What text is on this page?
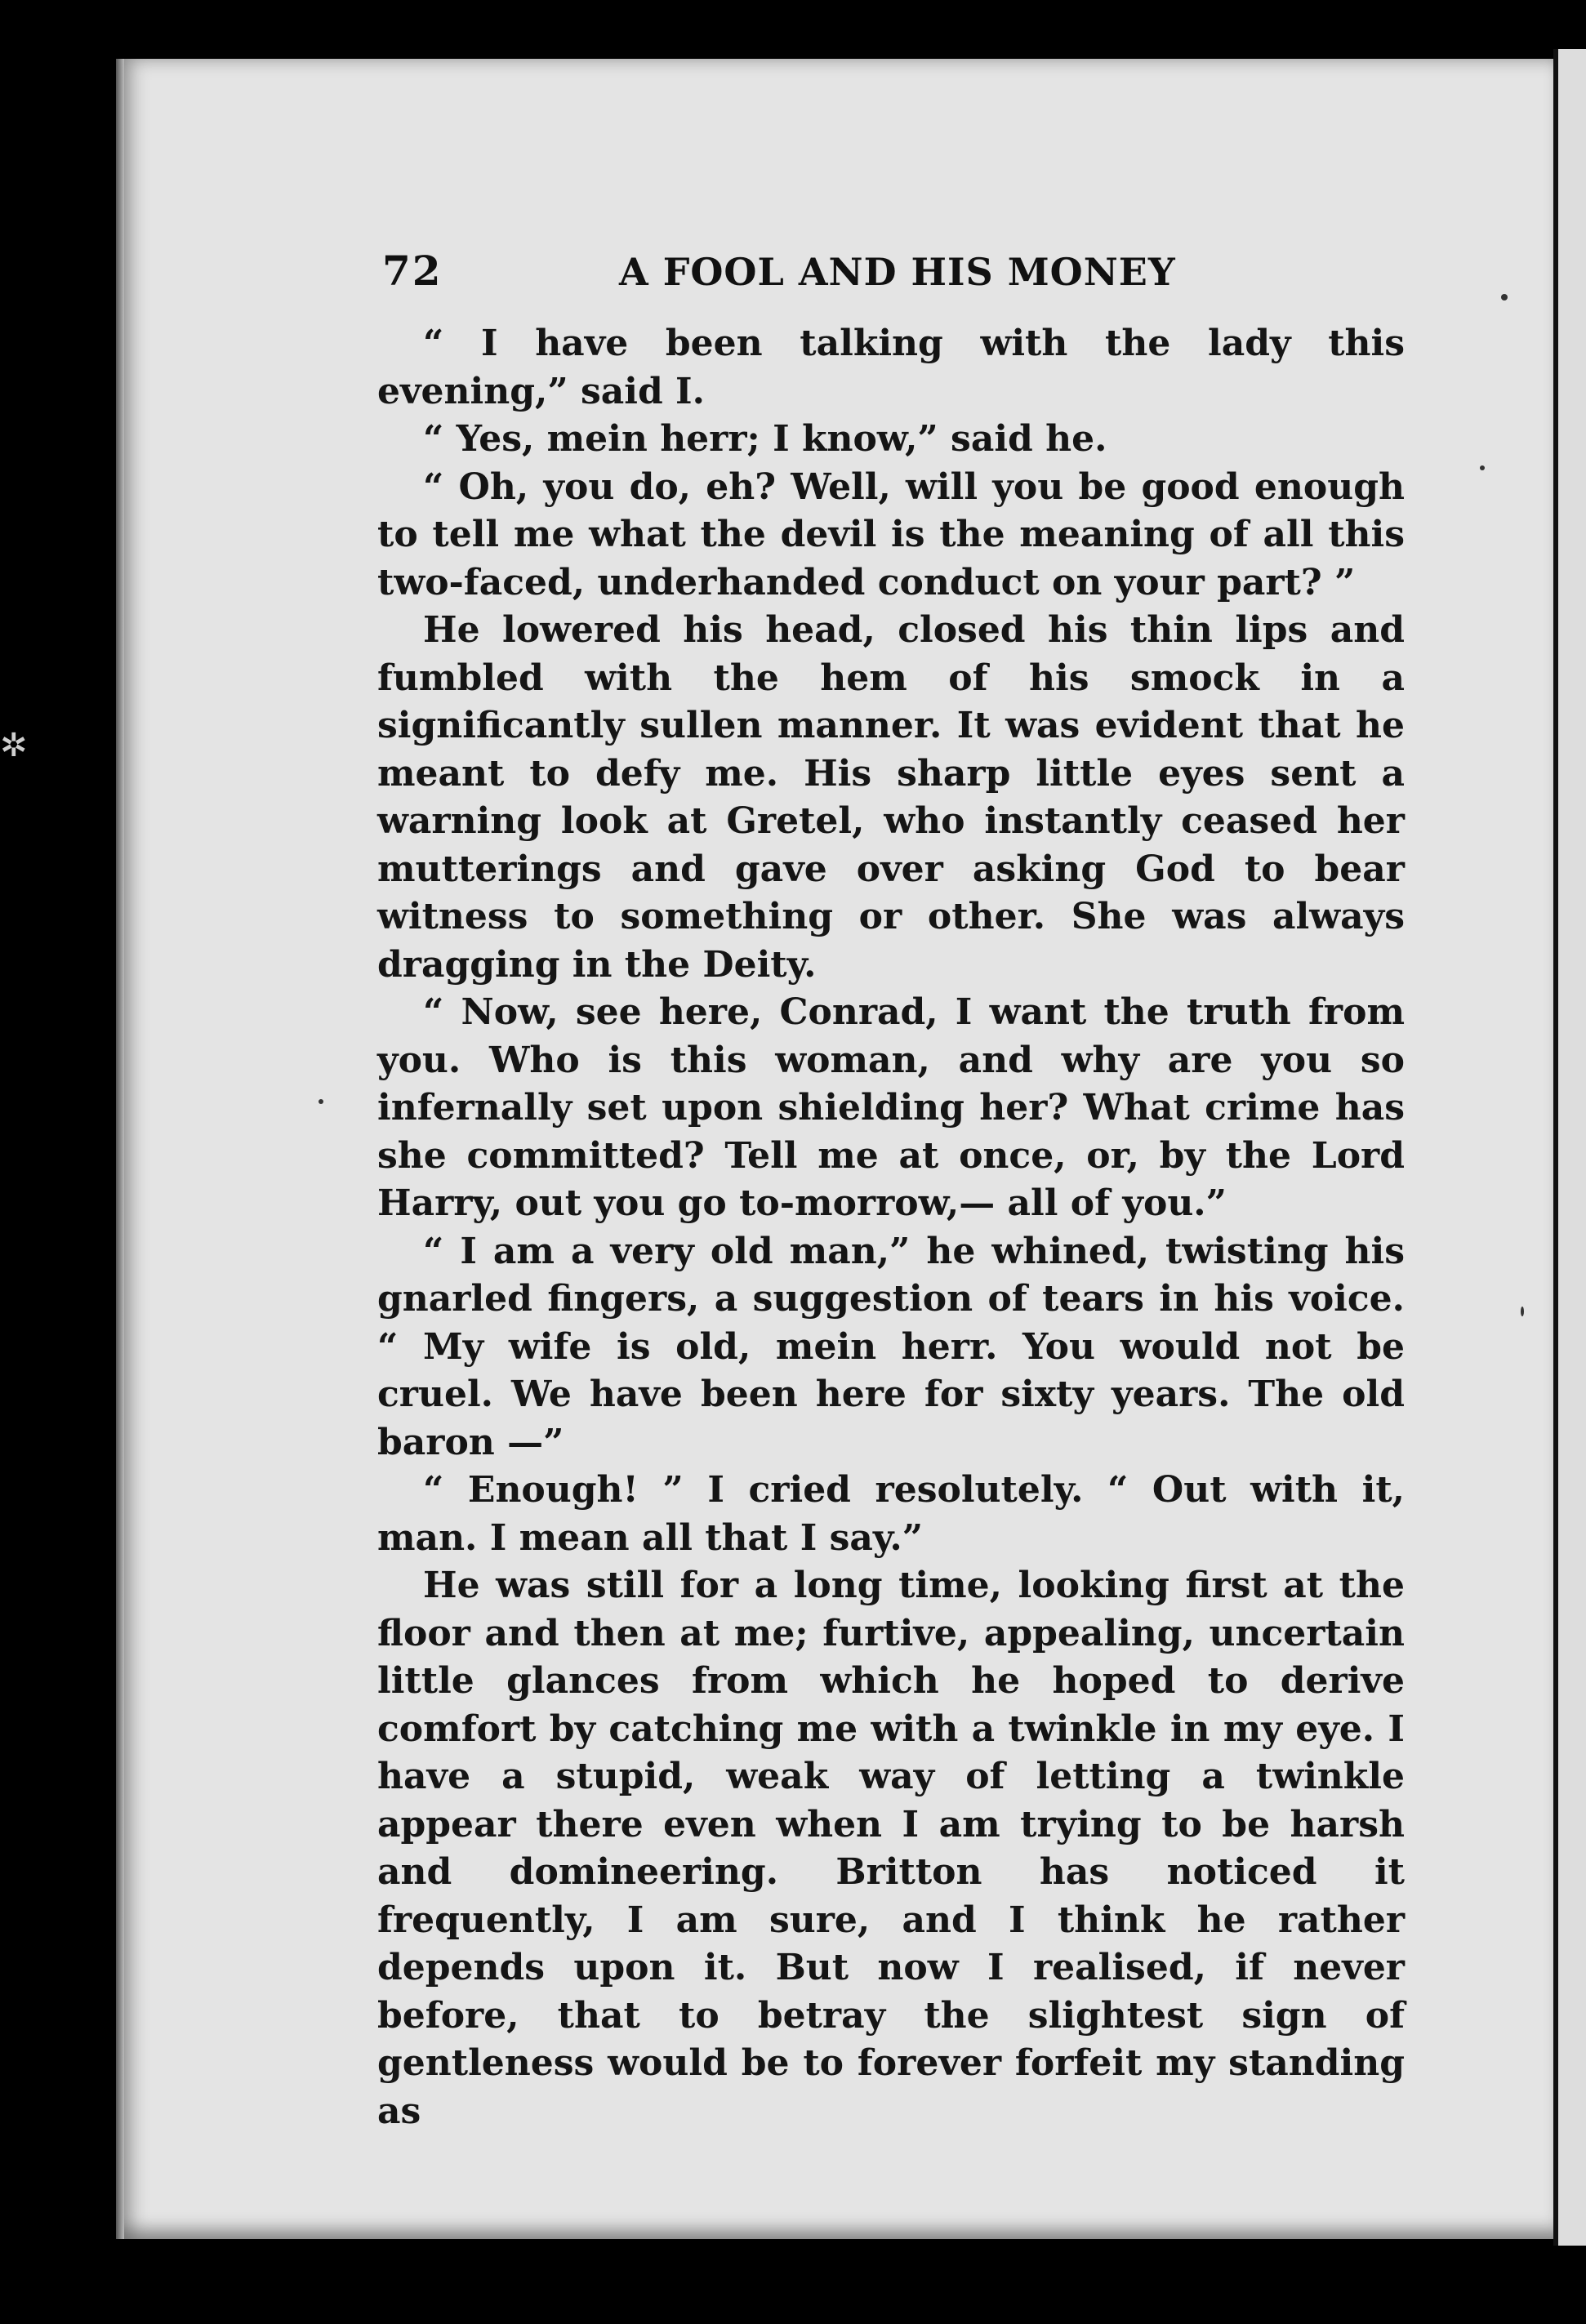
✲
72	A FOOL AND HIS MONEY

“ I have been talking with the lady this evening,” said I.

“ Yes, mein herr; I know,” said he.

“ Oh, you do, eh? Well, will you be good enough to tell me what the devil is the meaning of all this two-faced, underhanded conduct on your part? ”

He lowered his head, closed his thin lips and fumbled with the hem of his smock in a significantly sullen manner. It was evident that he meant to defy me. His sharp little eyes sent a warning look at Gretel, who instantly ceased her mutterings and gave over asking God to bear witness to something or other. She was always dragging in the Deity.

“ Now, see here, Conrad, I want the truth from you. Who is this woman, and why are you so infernally set upon shielding her? What crime has she committed? Tell me at once, or, by the Lord Harry, out you go to-morrow,— all of you.”

“ I am a very old man,” he whined, twisting his gnarled fingers, a suggestion of tears in his voice. “ My wife is old, mein herr. You would not be cruel. We have been here for sixty years. The old baron —”

“ Enough! ” I cried resolutely. “ Out with it, man. I mean all that I say.”

He was still for a long time, looking first at the floor and then at me; furtive, appealing, uncertain little glances from which he hoped to derive comfort by catching me with a twinkle in my eye. I have a stupid, weak way of letting a twinkle appear there even when I am trying to be harsh and domineering. Britton has noticed it frequently, I am sure, and I think he rather depends upon it. But now I realised, if never before, that to betray the slightest sign of gentleness would be to forever forfeit my standing as
